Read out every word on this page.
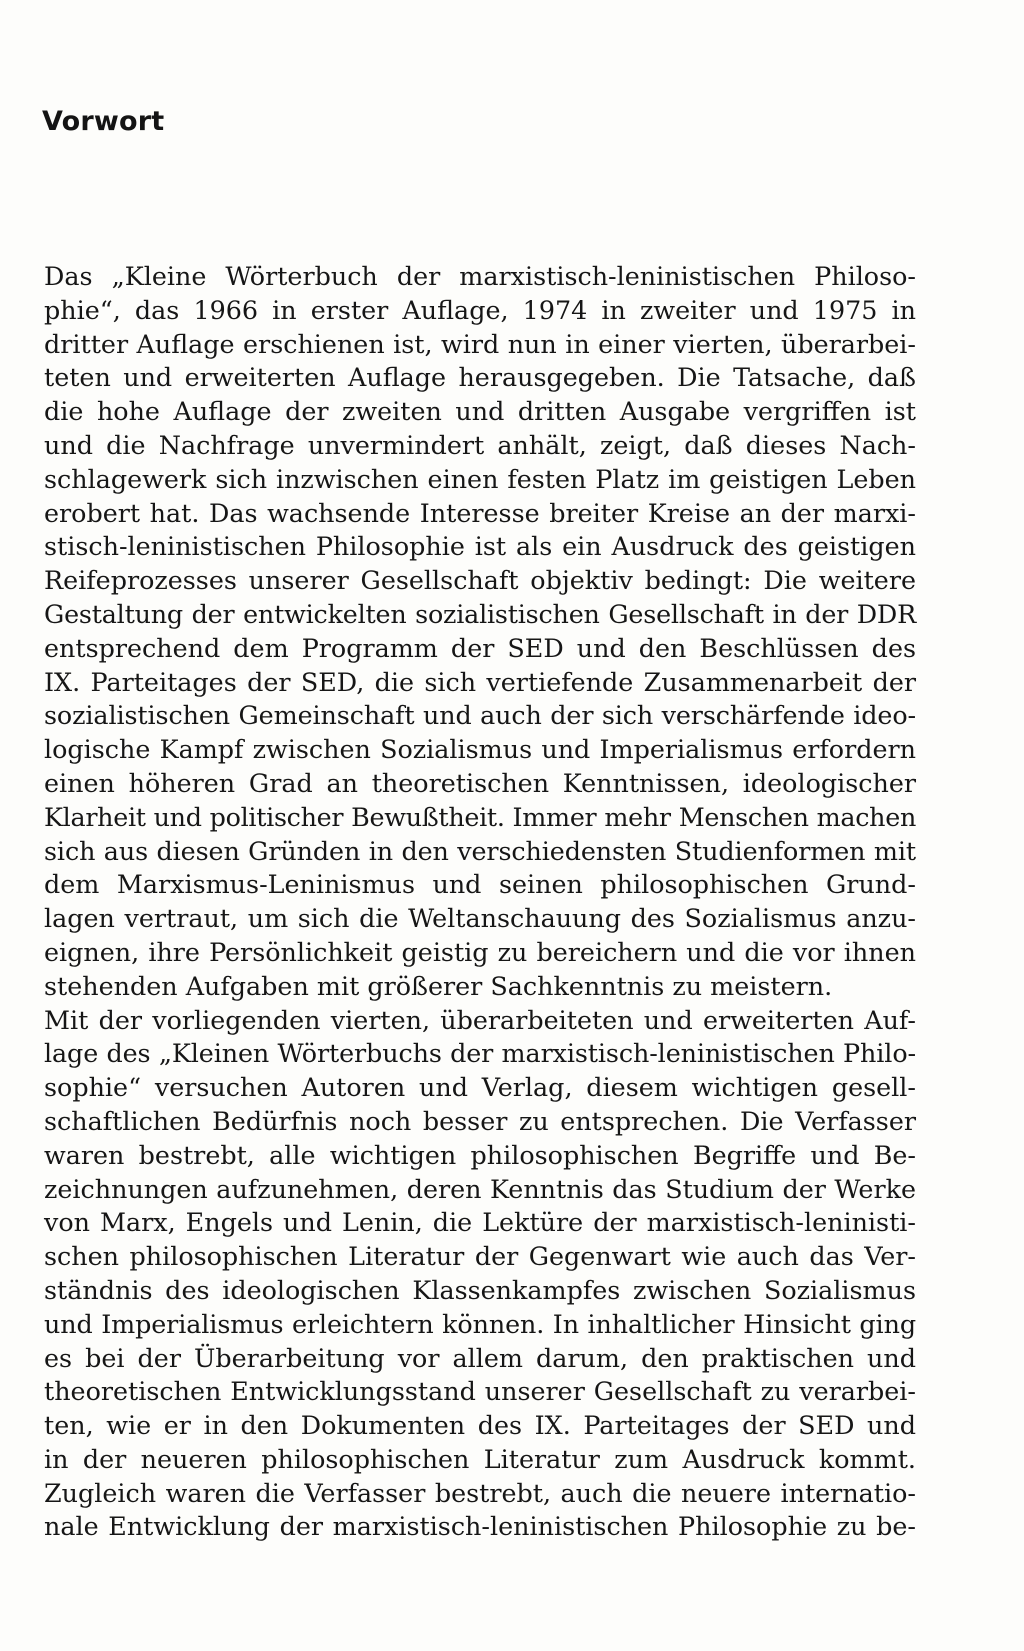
Vorwort
Das „Kleine Wörterbuch der marxistisch-leninistischen Philoso-
phie“, das 1966 in erster Auflage, 1974 in zweiter und 1975 in
dritter Auflage erschienen ist, wird nun in einer vierten, überarbei-
teten und erweiterten Auflage herausgegeben. Die Tatsache, daß
die hohe Auflage der zweiten und dritten Ausgabe vergriffen ist
und die Nachfrage unvermindert anhält, zeigt, daß dieses Nach-
schlagewerk sich inzwischen einen festen Platz im geistigen Leben
erobert hat. Das wachsende Interesse breiter Kreise an der marxi-
stisch-leninistischen Philosophie ist als ein Ausdruck des geistigen
Reifeprozesses unserer Gesellschaft objektiv bedingt: Die weitere
Gestaltung der entwickelten sozialistischen Gesellschaft in der DDR
entsprechend dem Programm der SED und den Beschlüssen des
IX. Parteitages der SED, die sich vertiefende Zusammenarbeit der
sozialistischen Gemeinschaft und auch der sich verschärfende ideo-
logische Kampf zwischen Sozialismus und Imperialismus erfordern
einen höheren Grad an theoretischen Kenntnissen, ideologischer
Klarheit und politischer Bewußtheit. Immer mehr Menschen machen
sich aus diesen Gründen in den verschiedensten Studienformen mit
dem Marxismus-Leninismus und seinen philosophischen Grund-
lagen vertraut, um sich die Weltanschauung des Sozialismus anzu-
eignen, ihre Persönlichkeit geistig zu bereichern und die vor ihnen
stehenden Aufgaben mit größerer Sachkenntnis zu meistern.
Mit der vorliegenden vierten, überarbeiteten und erweiterten Auf-
lage des „Kleinen Wörterbuchs der marxistisch-leninistischen Philo-
sophie“ versuchen Autoren und Verlag, diesem wichtigen gesell-
schaftlichen Bedürfnis noch besser zu entsprechen. Die Verfasser
waren bestrebt, alle wichtigen philosophischen Begriffe und Be-
zeichnungen aufzunehmen, deren Kenntnis das Studium der Werke
von Marx, Engels und Lenin, die Lektüre der marxistisch-leninisti-
schen philosophischen Literatur der Gegenwart wie auch das Ver-
ständnis des ideologischen Klassenkampfes zwischen Sozialismus
und Imperialismus erleichtern können. In inhaltlicher Hinsicht ging
es bei der Überarbeitung vor allem darum, den praktischen und
theoretischen Entwicklungsstand unserer Gesellschaft zu verarbei-
ten, wie er in den Dokumenten des IX. Parteitages der SED und
in der neueren philosophischen Literatur zum Ausdruck kommt.
Zugleich waren die Verfasser bestrebt, auch die neuere internatio-
nale Entwicklung der marxistisch-leninistischen Philosophie zu be-
